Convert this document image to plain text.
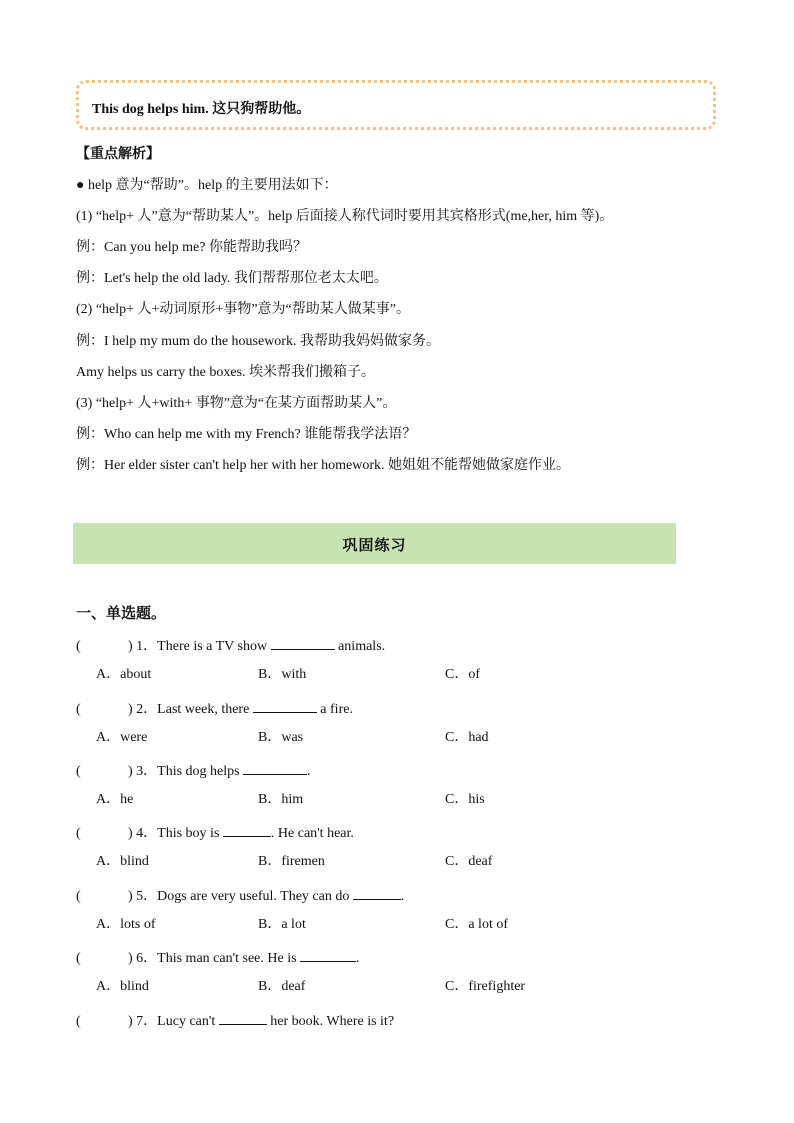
This dog helps him. 这只狗帮助他。
【重点解析】
● help 意为“帮助”。help 的主要用法如下：
(1) “help+ 人”意为“帮助某人”。help 后面接人称代词时要用其宾格形式(me,her, him 等)。
例：Can you help me? 你能帮助我吗？
例：Let's help the old lady. 我们帮帮那位老太太吧。
(2) “help+ 人+动词原形+事物”意为“帮助某人做某事”。
例：I help my mum do the housework. 我帮助我妈妈做家务。
Amy helps us carry the boxes. 埃米帮我们搬箱子。
(3) “help+ 人+with+ 事物”意为“在某方面帮助某人”。
例：Who can help me with my French? 谁能帮我学法语？
例：Her elder sister can't help her with her homework. 她姐姐不能帮她做家庭作业。
巩固练习
一、单选题。
(	) 1．There is a TV show	animals.
A．about	B．with	C．of
(	) 2．Last week, there	a fire.
A．were	B．was	C．had
(	) 3．This dog helps	.
A．he	B．him	C．his
(	) 4．This boy is	. He can't hear.
A．blind	B．firemen	C．deaf
(	) 5．Dogs are very useful. They can do	.
A．lots of	B．a lot	C．a lot of
(	) 6．This man can't see. He is	.
A．blind	B．deaf	C．firefighter
(	) 7．Lucy can't	her book. Where is it?
